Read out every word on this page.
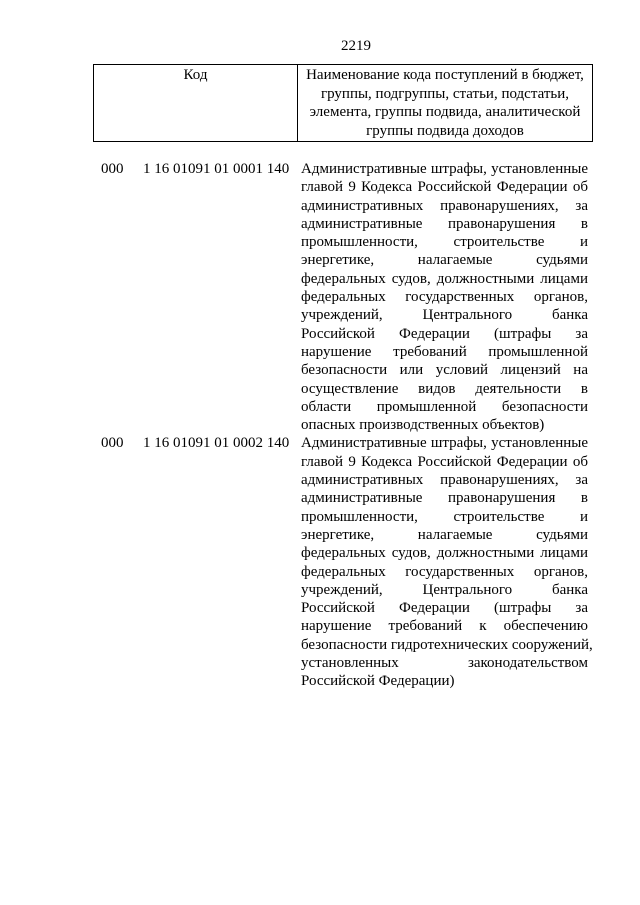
2219
Код	Наименование кода поступлений в бюджет,
группы, подгруппы, статьи, подстатьи,
элемента, группы подвида, аналитической
группы подвида доходов
000 1 16 01091 01 0001 140 Административные штрафы, установленные
главой 9 Кодекса Российской Федерации об
административных правонарушениях, за
административные правонарушения в
промышленности, строительстве и
энергетике, налагаемые судьями
федеральных судов, должностными лицами
федеральных государственных органов,
учреждений, Центрального банка
Российской Федерации (штрафы за
нарушение требований промышленной
безопасности или условий лицензий на
осуществление видов деятельности в
области промышленной безопасности
опасных производственных объектов)
000 1 16 01091 01 0002 140 Административные штрафы, установленные
главой 9 Кодекса Российской Федерации об
административных правонарушениях, за
административные правонарушения в
промышленности, строительстве и
энергетике, налагаемые судьями
федеральных судов, должностными лицами
федеральных государственных органов,
учреждений, Центрального банка
Российской Федерации (штрафы за
нарушение требований к обеспечению
безопасности гидротехнических сооружений,
установленных законодательством
Российской Федерации)
